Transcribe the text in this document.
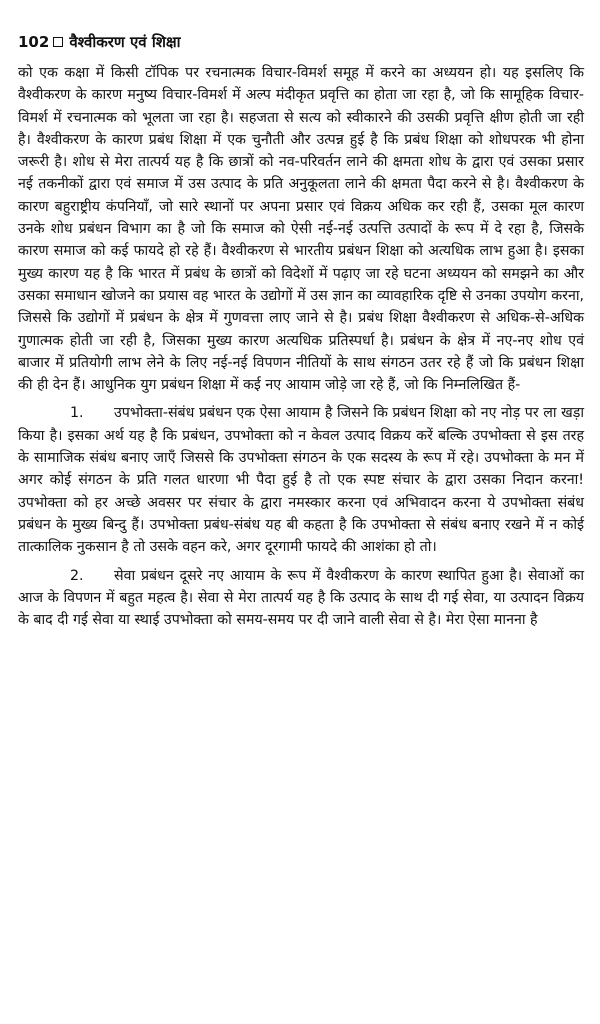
102 वैश्वीकरण एवं शिक्षा

को एक कक्षा में किसी टॉपिक पर रचनात्मक विचार-विमर्श समूह में करने का अध्ययन हो। यह इसलिए कि वैश्वीकरण के कारण मनुष्य विचार-विमर्श में अल्प मंदीकृत प्रवृत्ति का होता जा रहा है, जो कि सामूहिक विचार-विमर्श में रचनात्मक को भूलता जा रहा है। सहजता से सत्य को स्वीकारने की उसकी प्रवृत्ति क्षीण होती जा रही है। वैश्वीकरण के कारण प्रबंध शिक्षा में एक चुनौती और उत्पन्न हुई है कि प्रबंध शिक्षा को शोधपरक भी होना जरूरी है। शोध से मेरा तात्पर्य यह है कि छात्रों को नव-परिवर्तन लाने की क्षमता शोध के द्वारा एवं उसका प्रसार नई तकनीकों द्वारा एवं समाज में उस उत्पाद के प्रति अनुकूलता लाने की क्षमता पैदा करने से है। वैश्वीकरण के कारण बहुराष्ट्रीय कंपनियाँ, जो सारे स्थानों पर अपना प्रसार एवं विक्रय अधिक कर रही हैं, उसका मूल कारण उनके शोध प्रबंधन विभाग का है जो कि समाज को ऐसी नई-नई उत्पत्ति उत्पादों के रूप में दे रहा है, जिसके कारण समाज को कई फायदे हो रहे हैं। वैश्वीकरण से भारतीय प्रबंधन शिक्षा को अत्यधिक लाभ हुआ है। इसका मुख्य कारण यह है कि भारत में प्रबंध के छात्रों को विदेशों में पढ़ाए जा रहे घटना अध्ययन को समझने का और उसका समाधान खोजने का प्रयास वह भारत के उद्योगों में उस ज्ञान का व्यावहारिक दृष्टि से उनका उपयोग करना, जिससे कि उद्योगों में प्रबंधन के क्षेत्र में गुणवत्ता लाए जाने से है। प्रबंध शिक्षा वैश्वीकरण से अधिक-से-अधिक गुणात्मक होती जा रही है, जिसका मुख्य कारण अत्यधिक प्रतिस्पर्धा है। प्रबंधन के क्षेत्र में नए-नए शोध एवं बाजार में प्रतियोगी लाभ लेने के लिए नई-नई विपणन नीतियों के साथ संगठन उतर रहे हैं जो कि प्रबंधन शिक्षा की ही देन हैं। आधुनिक युग प्रबंधन शिक्षा में कई नए आयाम जोड़े जा रहे हैं, जो कि निम्नलिखित हैं-

1. उपभोक्ता-संबंध प्रबंधन एक ऐसा आयाम है जिसने कि प्रबंधन शिक्षा को नए नोड़ पर ला खड़ा किया है। इसका अर्थ यह है कि प्रबंधन, उपभोक्ता को न केवल उत्पाद विक्रय करें बल्कि उपभोक्ता से इस तरह के सामाजिक संबंध बनाए जाएँ जिससे कि उपभोक्ता संगठन के एक सदस्य के रूप में रहे। उपभोक्ता के मन में अगर कोई संगठन के प्रति गलत धारणा भी पैदा हुई है तो एक स्पष्ट संचार के द्वारा उसका निदान करना! उपभोक्ता को हर अच्छे अवसर पर संचार के द्वारा नमस्कार करना एवं अभिवादन करना ये उपभोक्ता संबंध प्रबंधन के मुख्य बिन्दु हैं। उपभोक्ता प्रबंध-संबंध यह बी कहता है कि उपभोक्ता से संबंध बनाए रखने में न कोई तात्कालिक नुकसान है तो उसके वहन करे, अगर दूरगामी फायदे की आशंका हो तो।

2. सेवा प्रबंधन दूसरे नए आयाम के रूप में वैश्वीकरण के कारण स्थापित हुआ है। सेवाओं का आज के विपणन में बहुत महत्व है। सेवा से मेरा तात्पर्य यह है कि उत्पाद के साथ दी गई सेवा, या उत्पादन विक्रय के बाद दी गई सेवा या स्थाई उपभोक्ता को समय-समय पर दी जाने वाली सेवा से है। मेरा ऐसा मानना है
